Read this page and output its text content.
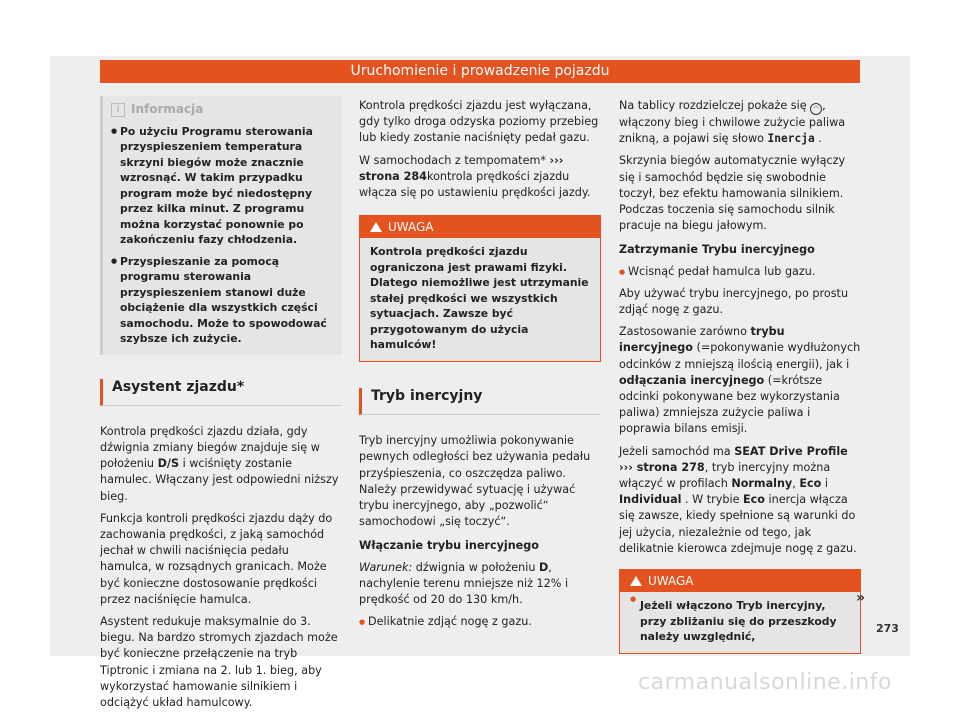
Uruchomienie i prowadzenie pojazdu
i Informacja

● Po użyciu Programu sterowania przyspieszeniem temperatura skrzyni biegów może znacznie wzrosnąć. W takim przypadku program może być niedostępny przez kilka minut. Z programu można korzystać ponownie po zakończeniu fazy chłodzenia.

● Przyspieszanie za pomocą programu sterowania przyspieszeniem stanowi duże obciążenie dla wszystkich części samochodu. Może to spowodować szybsze ich zużycie.

Asystent zjazdu*

Kontrola prędkości zjazdu działa, gdy dźwignia zmiany biegów znajduje się w położeniu D/S i wciśnięty zostanie hamulec. Włączany jest odpowiedni niższy bieg.

Funkcja kontroli prędkości zjazdu dąży do zachowania prędkości, z jaką samochód jechał w chwili naciśnięcia pedału hamulca, w rozsądnych granicach. Może być konieczne dostosowanie prędkości przez naciśnięcie hamulca.

Asystent redukuje maksymalnie do 3. biegu. Na bardzo stromych zjazdach może być konieczne przełączenie na tryb Tiptronic i zmiana na 2. lub 1. bieg, aby wykorzystać hamowanie silnikiem i odciążyć układ hamulcowy.

Kontrola prędkości zjazdu jest wyłączana, gdy tylko droga odzyska poziomy przebieg lub kiedy zostanie naciśnięty pedał gazu.

W samochodach z tempomatem* ››› strona 284kontrola prędkości zjazdu włącza się po ustawieniu prędkości jazdy.

UWAGA
Kontrola prędkości zjazdu ograniczona jest prawami fizyki. Dlatego niemożliwe jest utrzymanie stałej prędkości we wszystkich sytuacjach. Zawsze być przygotowanym do użycia hamulców!
Tryb inercyjny

Tryb inercyjny umożliwia pokonywanie pewnych odległości bez używania pedału przyśpieszenia, co oszczędza paliwo. Należy przewidywać sytuację i używać trybu inercyjnego, aby „pozwolić“ samochodowi „się toczyć“.

Włączanie trybu inercyjnego

Warunek: dźwignia w położeniu D, nachylenie terenu mniejsze niż 12% i prędkość od 20 do 130 km/h.

● Delikatnie zdjąć nogę z gazu.

Na tablicy rozdzielczej pokaże się ◠ , włączony bieg i chwilowe zużycie paliwa znikną, a pojawi się słowo Inercja .

Skrzynia biegów automatycznie wyłączy się i samochód będzie się swobodnie toczył, bez efektu hamowania silnikiem. Podczas toczenia się samochodu silnik pracuje na biegu jałowym.

Zatrzymanie Trybu inercyjnego

● Wcisnąć pedał hamulca lub gazu.

Aby używać trybu inercyjnego, po prostu zdjąć nogę z gazu.

Zastosowanie zarówno trybu inercyjnego (=pokonywanie wydłużonych odcinków z mniejszą ilością energii), jak i odłączania inercyjnego (=krótsze odcinki pokonywane bez wykorzystania paliwa) zmniejsza zużycie paliwa i poprawia bilans emisji.

Jeżeli samochód ma SEAT Drive Profile ››› strona 278, tryb inercyjny można włączyć w profilach Normalny, Eco i Individual . W trybie Eco inercja włącza się zawsze, kiedy spełnione są warunki do jej użycia, niezależnie od tego, jak delikatnie kierowca zdejmuje nogę z gazu.

UWAGA
● Jeżeli włączono Tryb inercyjny, przy zbliżaniu się do przeszkody należy uwzględnić,
»
273
carmanualsonline.info
